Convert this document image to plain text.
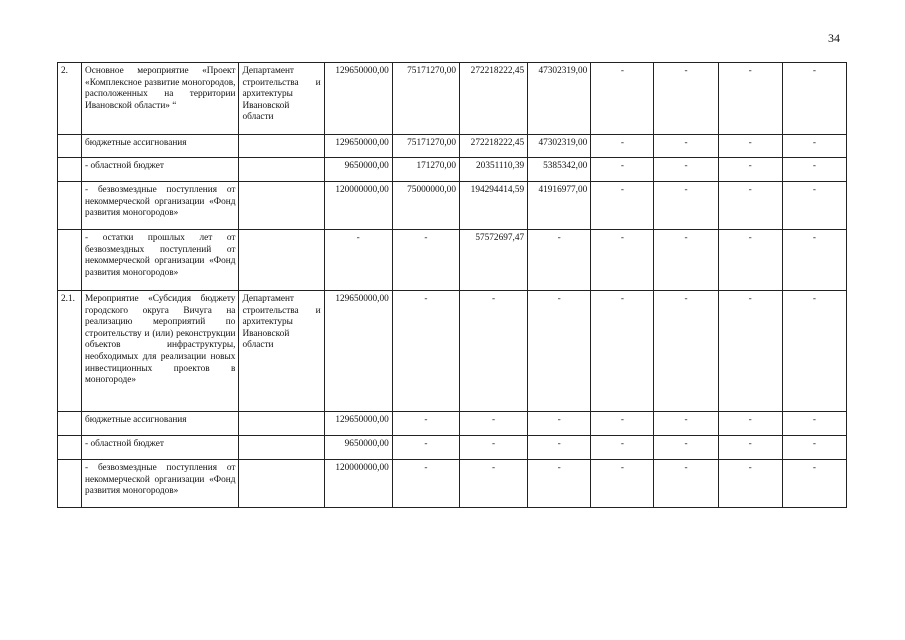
34
2.	Основное мероприятие «Проект «Комплексное развитие моногородов, расположенных на территории Ивановской области» “	Департамент строительства и архитектуры Ивановской области	129650000,00	75171270,00	272218222,45	47302319,00	-	-	-	-
	бюджетные ассигнования		129650000,00	75171270,00	272218222,45	47302319,00	-	-	-	-
	- областной бюджет		9650000,00	171270,00	20351110,39	5385342,00	-	-	-	-
	- безвозмездные поступления от некоммерческой организации «Фонд развития моногородов»		120000000,00	75000000,00	194294414,59	41916977,00	-	-	-	-
	- остатки прошлых лет от безвозмездных поступлений от некоммерческой организации «Фонд развития моногородов»		-	-	57572697,47	-	-	-	-	-
2.1.	Мероприятие «Субсидия бюджету городского округа Вичуга на реализацию мероприятий по строительству и (или) реконструкции объектов инфраструктуры, необходимых для реализации новых инвестиционных проектов в моногороде»	Департамент строительства и архитектуры Ивановской области	129650000,00	-	-	-	-	-	-	-
	бюджетные ассигнования		129650000,00	-	-	-	-	-	-	-
	- областной бюджет		9650000,00	-	-	-	-	-	-	-
	- безвозмездные поступления от некоммерческой организации «Фонд развития моногородов»		120000000,00	-	-	-	-	-	-	-
